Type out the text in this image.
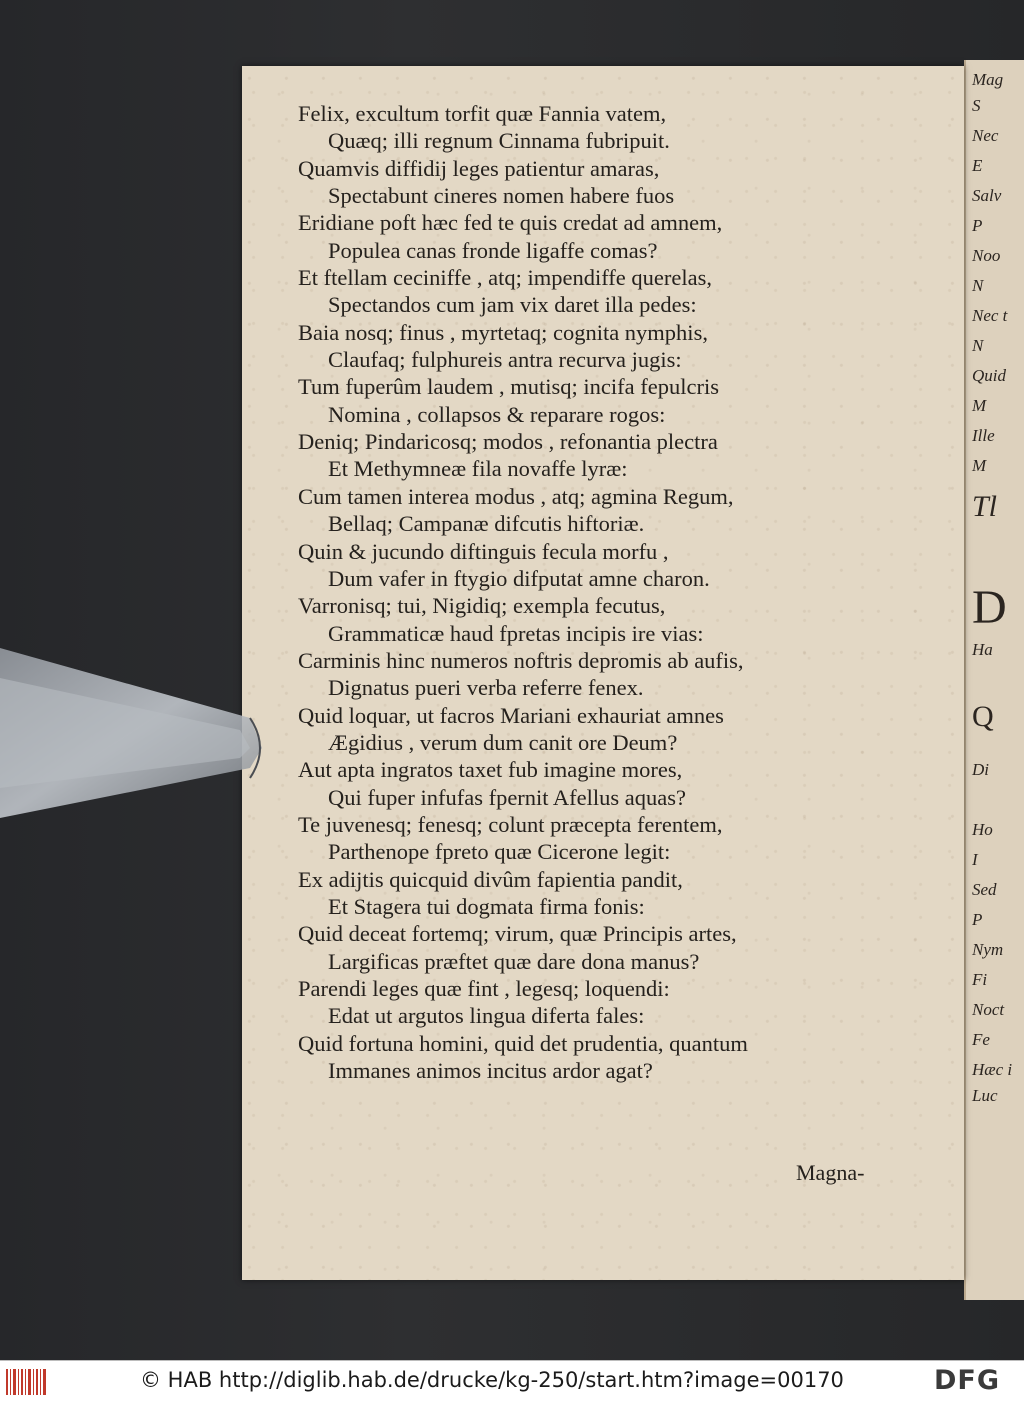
Mag
S
Nec
E
Salv
P
Noo
N
Nec t
N
Quid
M
Ille
M
Tl
D
Ha
Q
Di
Ho
I
Sed
P
Nym
Fi
Noct
Fe
Hæc i
Luc
Felix, excultum torfit quæ Fannia vatem,
Quæq; illi regnum Cinnama fubripuit.
Quamvis diffidij leges patientur amaras,
Spectabunt cineres nomen habere fuos
Eridiane poft hæc fed te quis credat ad amnem,
Populea canas fronde ligaffe comas?
Et ftellam ceciniffe , atq; impendiffe querelas,
Spectandos cum jam vix daret illa pedes:
Baia nosq; finus , myrtetaq; cognita nymphis,
Claufaq; fulphureis antra recurva jugis:
Tum fuperûm laudem , mutisq; incifa fepulcris
Nomina , collapsos & reparare rogos:
Deniq; Pindaricosq; modos , refonantia plectra
Et Methymneæ fila novaffe lyræ:
Cum tamen interea modus , atq; agmina Regum,
Bellaq; Campanæ difcutis hiftoriæ.
Quin & jucundo diftinguis fecula morfu ,
Dum vafer in ftygio difputat amne charon.
Varronisq; tui, Nigidiq; exempla fecutus,
Grammaticæ haud fpretas incipis ire vias:
Carminis hinc numeros noftris depromis ab aufis,
Dignatus pueri verba referre fenex.
Quid loquar, ut facros Mariani exhauriat amnes
Ægidius , verum dum canit ore Deum?
Aut apta ingratos taxet fub imagine mores,
Qui fuper infufas fpernit Afellus aquas?
Te juvenesq; fenesq; colunt præcepta ferentem,
Parthenope fpreto quæ Cicerone legit:
Ex adijtis quicquid divûm fapientia pandit,
Et Stagera tui dogmata firma fonis:
Quid deceat fortemq; virum, quæ Principis artes,
Largificas præftet quæ dare dona manus?
Parendi leges quæ fint , legesq; loquendi:
Edat ut argutos lingua diferta fales:
Quid fortuna homini, quid det prudentia, quantum
Immanes animos incitus ardor agat?
Magna-
© HAB http://diglib.hab.de/drucke/kg-250/start.htm?image=00170	DFG
